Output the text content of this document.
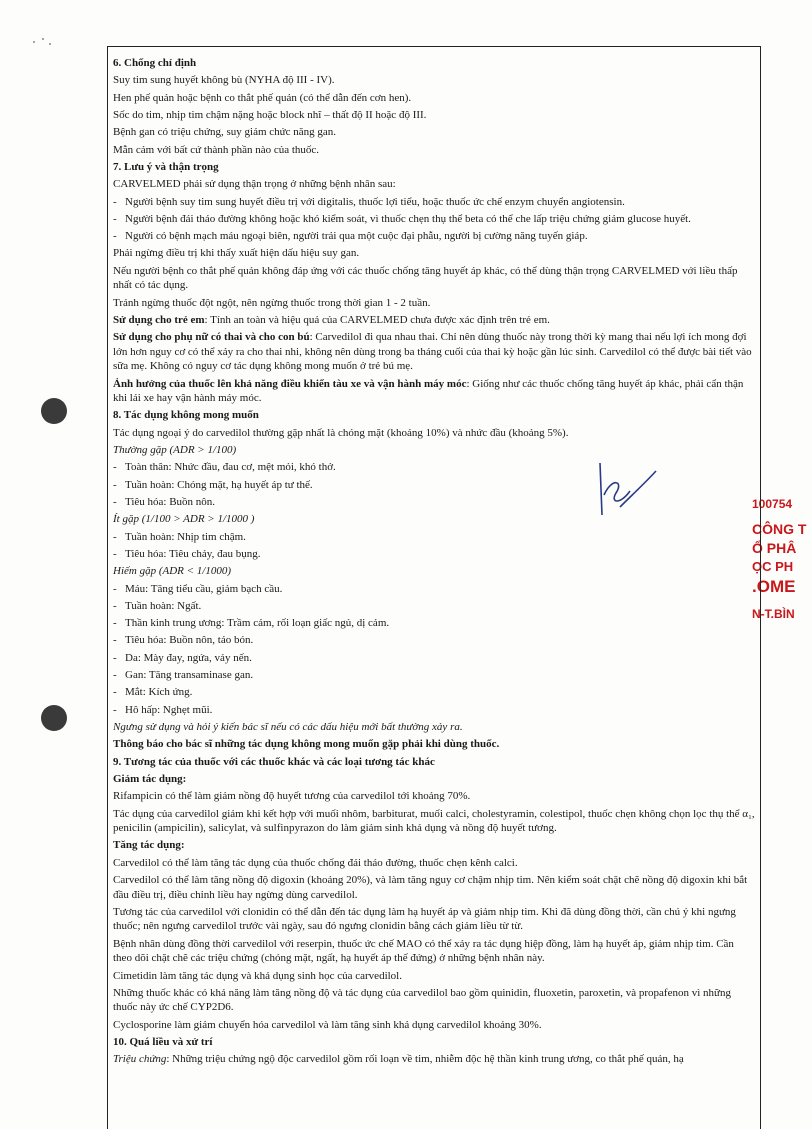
100754
CÔNG T
Ổ PHÂ
ỌC PH
.OME
N-T.BÌN

6. Chống chỉ định

Suy tim sung huyết không bù (NYHA độ III - IV).

Hen phế quản hoặc bệnh co thắt phế quản (có thể dẫn đến cơn hen).

Sốc do tim, nhịp tim chậm nặng hoặc block nhĩ – thất độ II hoặc độ III.

Bệnh gan có triệu chứng, suy giảm chức năng gan.

Mẫn cảm với bất cứ thành phần nào của thuốc.

7. Lưu ý và thận trọng

CARVELMED phải sử dụng thận trọng ở những bệnh nhân sau:

- Người bệnh suy tim sung huyết điều trị với digitalis, thuốc lợi tiểu, hoặc thuốc ức chế enzym chuyển angiotensin.

- Người bệnh đái tháo đường không hoặc khó kiểm soát, vì thuốc chẹn thụ thể beta có thể che lấp triệu chứng giảm glucose huyết.

- Người có bệnh mạch máu ngoại biên, người trải qua một cuộc đại phẫu, người bị cường năng tuyến giáp.

Phải ngừng điều trị khi thấy xuất hiện dấu hiệu suy gan.

Nếu người bệnh co thắt phế quản không đáp ứng với các thuốc chống tăng huyết áp khác, có thể dùng thận trọng CARVELMED với liều thấp nhất có tác dụng.

Tránh ngừng thuốc đột ngột, nên ngừng thuốc trong thời gian 1 - 2 tuần.

Sử dụng cho trẻ em: Tính an toàn và hiệu quả của CARVELMED chưa được xác định trên trẻ em.

Sử dụng cho phụ nữ có thai và cho con bú: Carvedilol đi qua nhau thai. Chỉ nên dùng thuốc này trong thời kỳ mang thai nếu lợi ích mong đợi lớn hơn nguy cơ có thể xảy ra cho thai nhi, không nên dùng trong ba tháng cuối của thai kỳ hoặc gần lúc sinh. Carvedilol có thể được bài tiết vào sữa mẹ. Không có nguy cơ tác dụng không mong muốn ở trẻ bú mẹ.

Ảnh hưởng của thuốc lên khả năng điều khiển tàu xe và vận hành máy móc: Giống như các thuốc chống tăng huyết áp khác, phải cẩn thận khi lái xe hay vận hành máy móc.

8. Tác dụng không mong muốn

Tác dụng ngoại ý do carvedilol thường gặp nhất là chóng mặt (khoảng 10%) và nhức đầu (khoảng 5%).

Thường gặp (ADR > 1/100)

- Toàn thân: Nhức đầu, đau cơ, mệt mỏi, khó thở.

- Tuần hoàn: Chóng mặt, hạ huyết áp tư thế.

- Tiêu hóa: Buồn nôn.

Ít gặp (1/100 > ADR > 1/1000 )

- Tuần hoàn: Nhịp tim chậm.

- Tiêu hóa: Tiêu chảy, đau bụng.

Hiếm gặp (ADR < 1/1000)

- Máu: Tăng tiểu cầu, giảm bạch cầu.

- Tuần hoàn: Ngất.

- Thần kinh trung ương: Trầm cảm, rối loạn giấc ngủ, dị cảm.

- Tiêu hóa: Buồn nôn, táo bón.

- Da: Mày đay, ngứa, vảy nến.

- Gan: Tăng transaminase gan.

- Mắt: Kích ứng.

- Hô hấp: Nghẹt mũi.

Ngưng sử dụng và hỏi ý kiến bác sĩ nếu có các dấu hiệu mới bất thường xảy ra.

Thông báo cho bác sĩ những tác dụng không mong muốn gặp phải khi dùng thuốc.

9. Tương tác của thuốc với các thuốc khác và các loại tương tác khác

Giảm tác dụng:

Rifampicin có thể làm giảm nồng độ huyết tương của carvedilol tới khoảng 70%.

Tác dụng của carvedilol giảm khi kết hợp với muối nhôm, barbiturat, muối calci, cholestyramin, colestipol, thuốc chẹn không chọn lọc thụ thể α₁, penicilin (ampicilin), salicylat, và sulfinpyrazon do làm giảm sinh khả dụng và nồng độ huyết tương.

Tăng tác dụng:

Carvedilol có thể làm tăng tác dụng của thuốc chống đái tháo đường, thuốc chẹn kênh calci.

Carvedilol có thể làm tăng nồng độ digoxin (khoảng 20%), và làm tăng nguy cơ chậm nhịp tim. Nên kiểm soát chặt chẽ nồng độ digoxin khi bắt đầu điều trị, điều chỉnh liều hay ngừng dùng carvedilol.

Tương tác của carvedilol với clonidin có thể dẫn đến tác dụng làm hạ huyết áp và giảm nhịp tim. Khi đã dùng đồng thời, cần chú ý khi ngưng thuốc; nên ngưng carvedilol trước vài ngày, sau đó ngưng clonidin bằng cách giảm liều từ từ.

Bệnh nhân dùng đồng thời carvedilol với reserpin, thuốc ức chế MAO có thể xảy ra tác dụng hiệp đồng, làm hạ huyết áp, giảm nhịp tim. Cần theo dõi chặt chẽ các triệu chứng (chóng mặt, ngất, hạ huyết áp thế đứng) ở những bệnh nhân này.

Cimetidin làm tăng tác dụng và khả dụng sinh học của carvedilol.

Những thuốc khác có khả năng làm tăng nồng độ và tác dụng của carvedilol bao gồm quinidin, fluoxetin, paroxetin, và propafenon vì những thuốc này ức chế CYP2D6.

Cyclosporine làm giảm chuyển hóa carvedilol và làm tăng sinh khả dụng carvedilol khoảng 30%.

10. Quá liều và xử trí

Triệu chứng: Những triệu chứng ngộ độc carvedilol gồm rối loạn về tim, nhiễm độc hệ thần kinh trung ương, co thắt phế quản, hạ
